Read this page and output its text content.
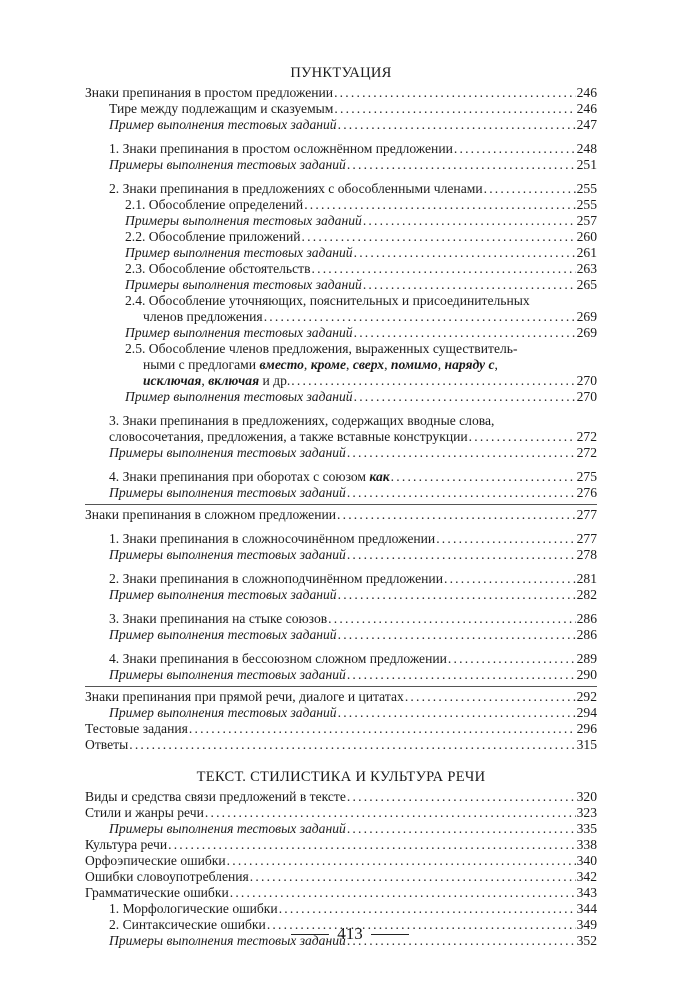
ПУНКТУАЦИЯ
Знаки препинания в простом предложении . . .	246
Тире между подлежащим и сказуемым . . .	246
Пример выполнения тестовых заданий . . .	247
1. Знаки препинания в простом осложнённом предложении . . .	248
Примеры выполнения тестовых заданий . . .	251
2. Знаки препинания в предложениях с обособленными членами . . .	255
2.1. Обособление определений . . .	255
Примеры выполнения тестовых заданий . . .	257
2.2. Обособление приложений . . .	260
Пример выполнения тестовых заданий . . .	261
2.3. Обособление обстоятельств . . .	263
Примеры выполнения тестовых заданий . . .	265
2.4. Обособление уточняющих, пояснительных и присоединительных
членов предложения . . .	269
Пример выполнения тестовых заданий . . .	269
2.5. Обособление членов предложения, выраженных существитель-
ными с предлогами вместо, кроме, сверх, помимо, наряду с,
исключая, включая и др. . . .	270
Пример выполнения тестовых заданий . . .	270
3. Знаки препинания в предложениях, содержащих вводные слова,
словосочетания, предложения, а также вставные конструкции . . .	272
Примеры выполнения тестовых заданий . . .	272
4. Знаки препинания при оборотах с союзом как . . .	275
Примеры выполнения тестовых заданий . . .	276
Знаки препинания в сложном предложении . . .	277
1. Знаки препинания в сложносочинённом предложении . . .	277
Примеры выполнения тестовых заданий . . .	278
2. Знаки препинания в сложноподчинённом предложении . . .	281
Пример выполнения тестовых заданий . . .	282
3. Знаки препинания на стыке союзов . . .	286
Пример выполнения тестовых заданий . . .	286
4. Знаки препинания в бессоюзном сложном предложении . . .	289
Примеры выполнения тестовых заданий . . .	290
Знаки препинания при прямой речи, диалоге и цитатах . . .	292
Пример выполнения тестовых заданий . . .	294
Тестовые задания . . .	296
Ответы . . .	315
ТЕКСТ. СТИЛИСТИКА И КУЛЬТУРА РЕЧИ
Виды и средства связи предложений в тексте . . .	320
Стили и жанры речи . . .	323
Примеры выполнения тестовых заданий . . .	335
Культура речи . . .	338
Орфоэпические ошибки . . .	340
Ошибки словоупотребления . . .	342
Грамматические ошибки . . .	343
1. Морфологические ошибки . . .	344
2. Синтаксические ошибки . . .	349
Примеры выполнения тестовых заданий . . .	352
413
